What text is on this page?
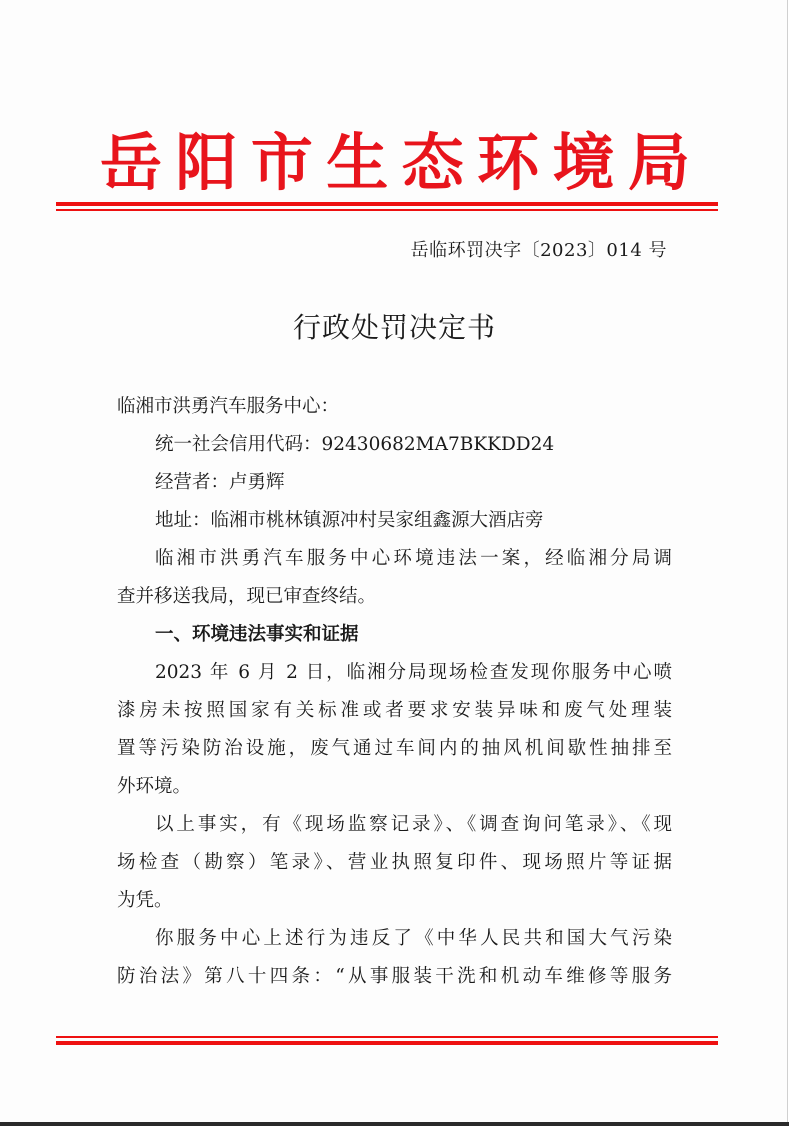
岳 阳 市 生 态 环 境 局
岳临环罚决字〔2023〕014 号
行政处罚决定书
临湘市洪勇汽车服务中心：
统一社会信用代码：92430682MA7BKKDD24
经营者：卢勇辉
地址：临湘市桃林镇源冲村吴家组鑫源大酒店旁
临湘市洪勇汽车服务中心环境违法一案，经临湘分局调
查并移送我局，现已审查终结。
一、环境违法事实和证据
2023 年 6 月 2 日，临湘分局现场检查发现你服务中心喷
漆房未按照国家有关标准或者要求安装异味和废气处理装
置等污染防治设施，废气通过车间内的抽风机间歇性抽排至
外环境。
以上事实，有《现场监察记录》、《调查询问笔录》、《现
场检查（勘察）笔录》、营业执照复印件、现场照片等证据
为凭。
你服务中心上述行为违反了《中华人民共和国大气污染
防治法》第八十四条：“从事服装干洗和机动车维修等服务
